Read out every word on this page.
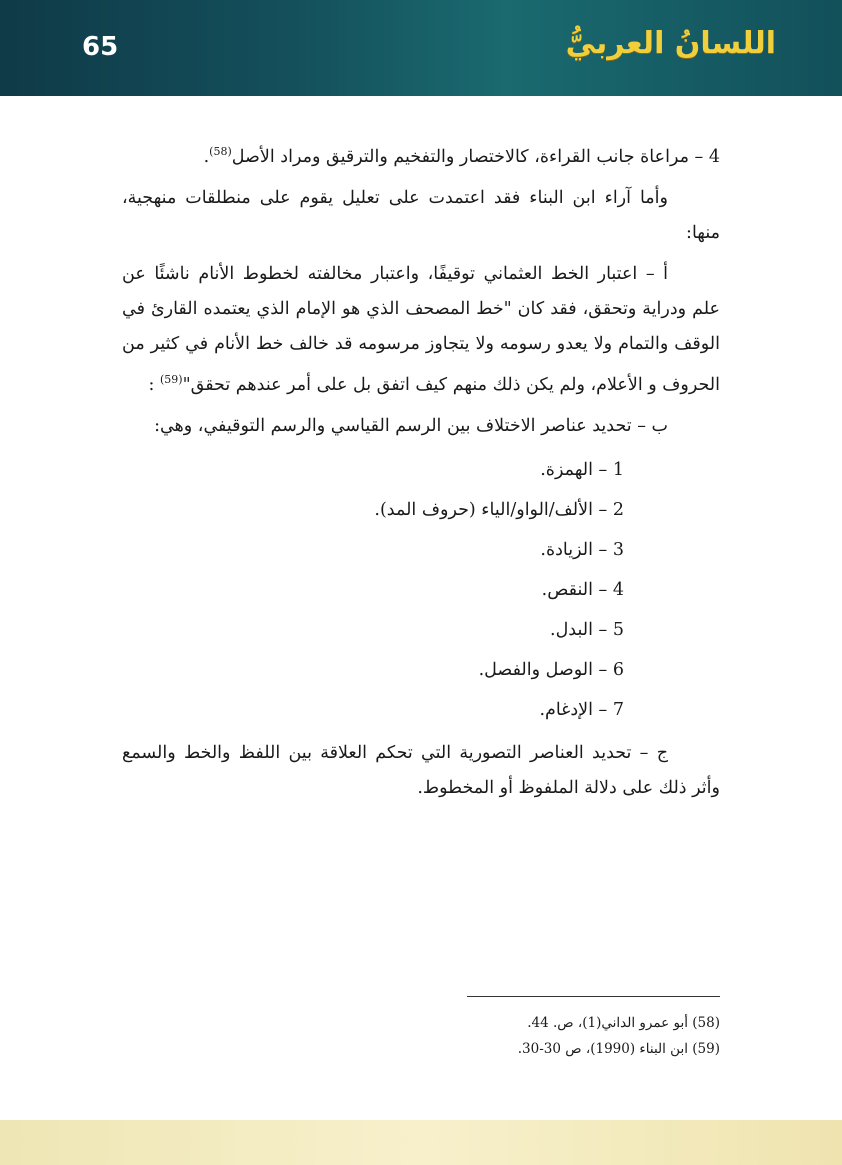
65	اللسانُ العربيُّ

4 – مراعاة جانب القراءة، كالاختصار والتفخيم والترقيق ومراد الأصل$^{(58)}$.

وأما آراء ابن البناء فقد اعتمدت على تعليل يقوم على منطلقات منهجية، منها:

أ – اعتبار الخط العثماني توقيفًا، واعتبار مخالفته لخطوط الأنام ناشئًا عن علم ودراية وتحقق، فقد كان "خط المصحف الذي هو الإمام الذي يعتمده القارئ في الوقف والتمام ولا يعدو رسومه ولا يتجاوز مرسومه قد خالف خط الأنام في كثير من الحروف و الأعلام، ولم يكن ذلك منهم كيف اتفق بل على أمر عندهم تحقق"$^{(59)}$ :

ب – تحديد عناصر الاختلاف بين الرسم القياسي والرسم التوقيفي، وهي:

1 – الهمزة.
2 – الألف/الواو/الياء (حروف المد).
3 – الزيادة.
4 – النقص.
5 – البدل.
6 – الوصل والفصل.
7 – الإدغام.

ج – تحديد العناصر التصورية التي تحكم العلاقة بين اللفظ والخط والسمع وأثر ذلك على دلالة الملفوظ أو المخطوط.

(58) أبو عمرو الداني(1)، ص. 44.
(59) ابن البناء (1990)، ص 30-30.
